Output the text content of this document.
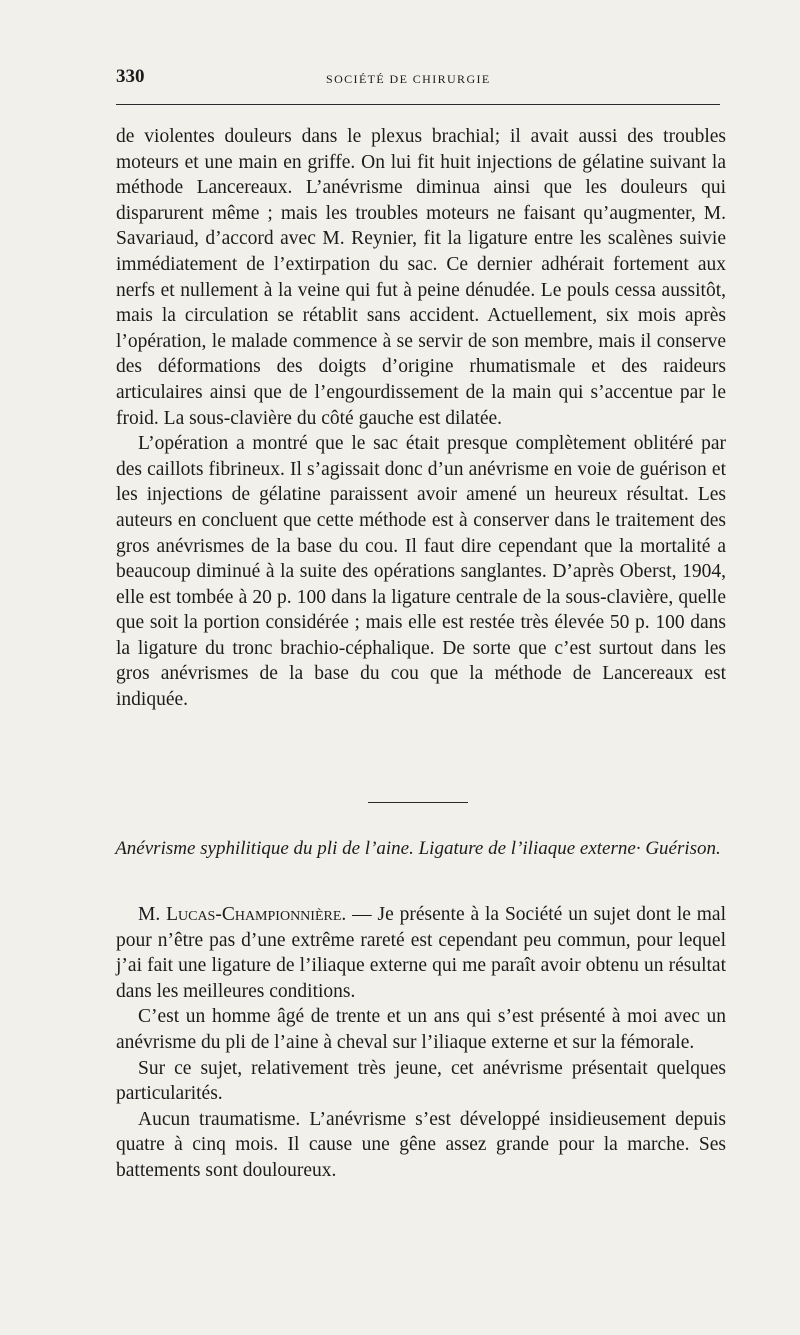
330	SOCIÉTÉ DE CHIRURGIE

de violentes douleurs dans le plexus brachial; il avait aussi des troubles moteurs et une main en griffe. On lui fit huit injections de gélatine suivant la méthode Lancereaux. L’anévrisme diminua ainsi que les douleurs qui disparurent même ; mais les troubles moteurs ne faisant qu’augmenter, M. Savariaud, d’accord avec M. Reynier, fit la ligature entre les scalènes suivie immédiatement de l’extirpation du sac. Ce dernier adhérait fortement aux nerfs et nullement à la veine qui fut à peine dénudée. Le pouls cessa aussitôt, mais la circulation se rétablit sans accident. Actuellement, six mois après l’opération, le malade commence à se servir de son membre, mais il conserve des déformations des doigts d’origine rhumatismale et des raideurs articulaires ainsi que de l’engourdissement de la main qui s’accentue par le froid. La sous-clavière du côté gauche est dilatée.

L’opération a montré que le sac était presque complètement oblitéré par des caillots fibrineux. Il s’agissait donc d’un anévrisme en voie de guérison et les injections de gélatine paraissent avoir amené un heureux résultat. Les auteurs en concluent que cette méthode est à conserver dans le traitement des gros anévrismes de la base du cou. Il faut dire cependant que la mortalité a beaucoup diminué à la suite des opérations sanglantes. D’après Oberst, 1904, elle est tombée à 20 p. 100 dans la ligature centrale de la sous-clavière, quelle que soit la portion considérée ; mais elle est restée très élevée 50 p. 100 dans la ligature du tronc brachio-céphalique. De sorte que c’est surtout dans les gros anévrismes de la base du cou que la méthode de Lancereaux est indiquée.

Anévrisme syphilitique du pli de l’aine. Ligature de l’iliaque externe· Guérison.

M. Lucas-Championnière. — Je présente à la Société un sujet dont le mal pour n’être pas d’une extrême rareté est cependant peu commun, pour lequel j’ai fait une ligature de l’iliaque externe qui me paraît avoir obtenu un résultat dans les meilleures conditions.

C’est un homme âgé de trente et un ans qui s’est présenté à moi avec un anévrisme du pli de l’aine à cheval sur l’iliaque externe et sur la fémorale.

Sur ce sujet, relativement très jeune, cet anévrisme présentait quelques particularités.

Aucun traumatisme. L’anévrisme s’est développé insidieusement depuis quatre à cinq mois. Il cause une gêne assez grande pour la marche. Ses battements sont douloureux.
